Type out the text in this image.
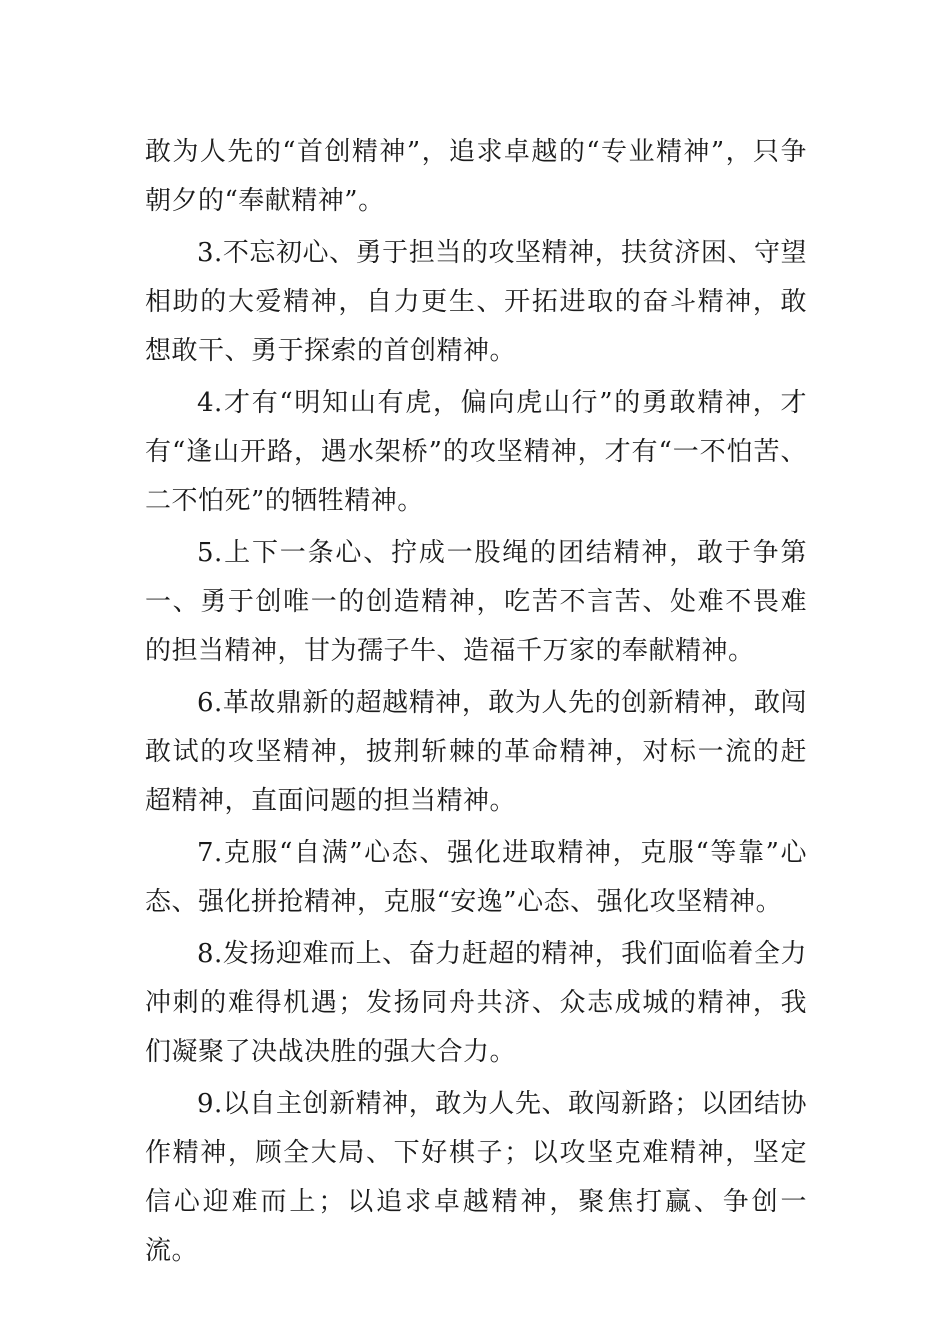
敢为人先的“首创精神”，追求卓越的“专业精神”，只争朝夕的“奉献精神”。

3.不忘初心、勇于担当的攻坚精神，扶贫济困、守望相助的大爱精神，自力更生、开拓进取的奋斗精神，敢想敢干、勇于探索的首创精神。

4.才有“明知山有虎，偏向虎山行”的勇敢精神，才有“逢山开路，遇水架桥”的攻坚精神，才有“一不怕苦、二不怕死”的牺牲精神。

5.上下一条心、拧成一股绳的团结精神，敢于争第一、勇于创唯一的创造精神，吃苦不言苦、处难不畏难的担当精神，甘为孺子牛、造福千万家的奉献精神。

6.革故鼎新的超越精神，敢为人先的创新精神，敢闯敢试的攻坚精神，披荆斩棘的革命精神，对标一流的赶超精神，直面问题的担当精神。

7.克服“自满”心态、强化进取精神，克服“等靠”心态、强化拼抢精神，克服“安逸”心态、强化攻坚精神。

8.发扬迎难而上、奋力赶超的精神，我们面临着全力冲刺的难得机遇；发扬同舟共济、众志成城的精神，我们凝聚了决战决胜的强大合力。

9.以自主创新精神，敢为人先、敢闯新路；以团结协作精神，顾全大局、下好棋子；以攻坚克难精神，坚定信心迎难而上；以追求卓越精神，聚焦打赢、争创一流。
